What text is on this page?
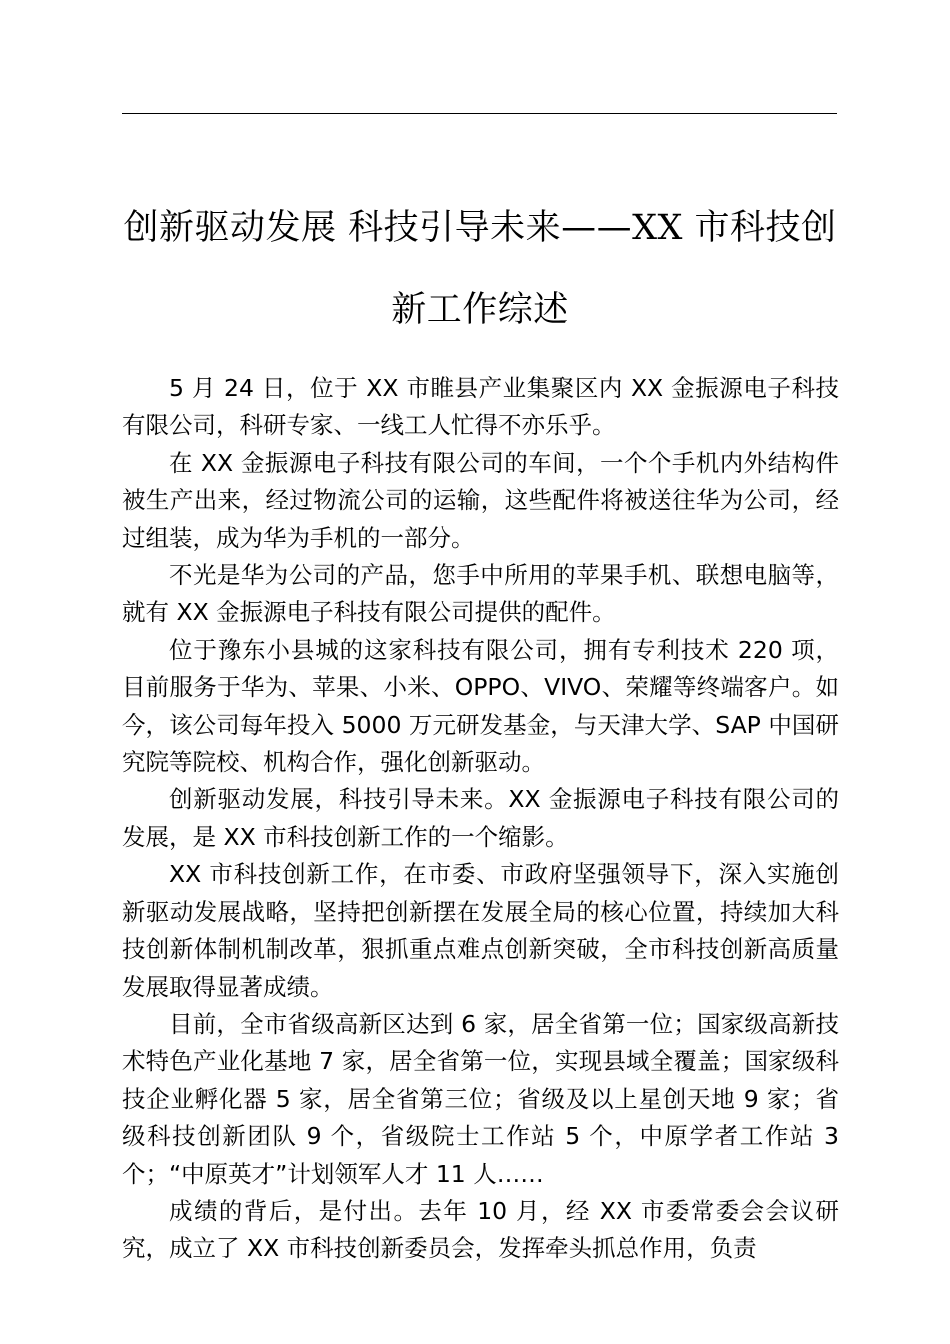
创新驱动发展 科技引导未来——XX 市科技创
新工作综述

5 月 24 日，位于 XX 市睢县产业集聚区内 XX 金振源电子科技有限公司，科研专家、一线工人忙得不亦乐乎。

在 XX 金振源电子科技有限公司的车间，一个个手机内外结构件被生产出来，经过物流公司的运输，这些配件将被送往华为公司，经过组装，成为华为手机的一部分。

不光是华为公司的产品，您手中所用的苹果手机、联想电脑等，就有 XX 金振源电子科技有限公司提供的配件。

位于豫东小县城的这家科技有限公司，拥有专利技术 220 项，目前服务于华为、苹果、小米、OPPO、VIVO、荣耀等终端客户。如今，该公司每年投入 5000 万元研发基金，与天津大学、SAP 中国研究院等院校、机构合作，强化创新驱动。

创新驱动发展，科技引导未来。XX 金振源电子科技有限公司的发展，是 XX 市科技创新工作的一个缩影。

XX 市科技创新工作，在市委、市政府坚强领导下，深入实施创新驱动发展战略，坚持把创新摆在发展全局的核心位置，持续加大科技创新体制机制改革，狠抓重点难点创新突破，全市科技创新高质量发展取得显著成绩。

目前，全市省级高新区达到 6 家，居全省第一位；国家级高新技术特色产业化基地 7 家，居全省第一位，实现县域全覆盖；国家级科技企业孵化器 5 家，居全省第三位；省级及以上星创天地 9 家；省级科技创新团队 9 个，省级院士工作站 5 个，中原学者工作站 3 个；“中原英才”计划领军人才 11 人……

成绩的背后，是付出。去年 10 月，经 XX 市委常委会会议研究，成立了 XX 市科技创新委员会，发挥牵头抓总作用，负责
